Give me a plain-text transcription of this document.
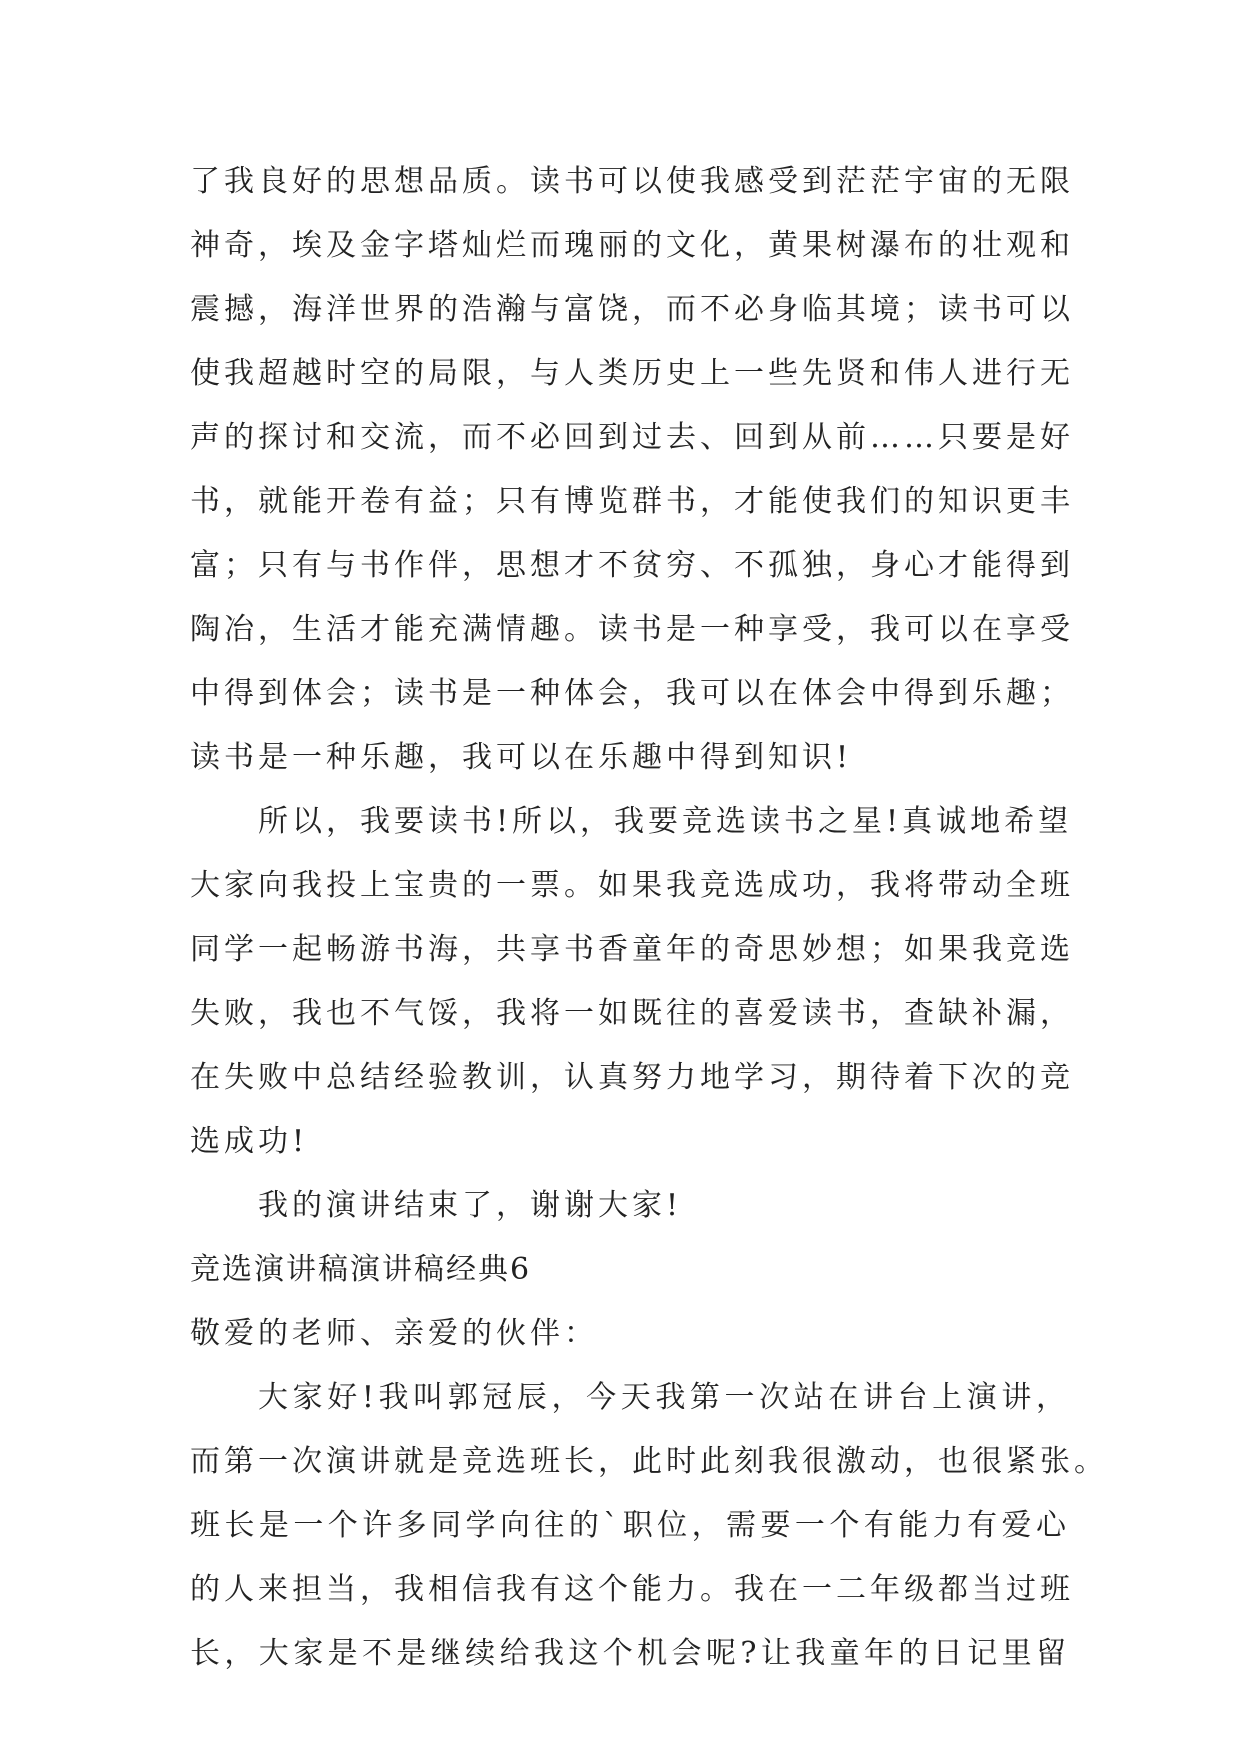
了我良好的思想品质。读书可以使我感受到茫茫宇宙的无限
神奇，埃及金字塔灿烂而瑰丽的文化，黄果树瀑布的壮观和
震撼，海洋世界的浩瀚与富饶，而不必身临其境；读书可以
使我超越时空的局限，与人类历史上一些先贤和伟人进行无
声的探讨和交流，而不必回到过去、回到从前……只要是好
书，就能开卷有益；只有博览群书，才能使我们的知识更丰
富；只有与书作伴，思想才不贫穷、不孤独，身心才能得到
陶冶，生活才能充满情趣。读书是一种享受，我可以在享受
中得到体会；读书是一种体会，我可以在体会中得到乐趣；
读书是一种乐趣，我可以在乐趣中得到知识!
所以，我要读书!所以，我要竞选读书之星!真诚地希望
大家向我投上宝贵的一票。如果我竞选成功，我将带动全班
同学一起畅游书海，共享书香童年的奇思妙想；如果我竞选
失败，我也不气馁，我将一如既往的喜爱读书，查缺补漏，
在失败中总结经验教训，认真努力地学习，期待着下次的竞
选成功!
我的演讲结束了，谢谢大家!
竞选演讲稿演讲稿经典6
敬爱的老师、亲爱的伙伴：
大家好!我叫郭冠辰，今天我第一次站在讲台上演讲，
而第一次演讲就是竞选班长，此时此刻我很激动，也很紧张。
班长是一个许多同学向往的`职位，需要一个有能力有爱心
的人来担当，我相信我有这个能力。我在一二年级都当过班
长，大家是不是继续给我这个机会呢?让我童年的日记里留
